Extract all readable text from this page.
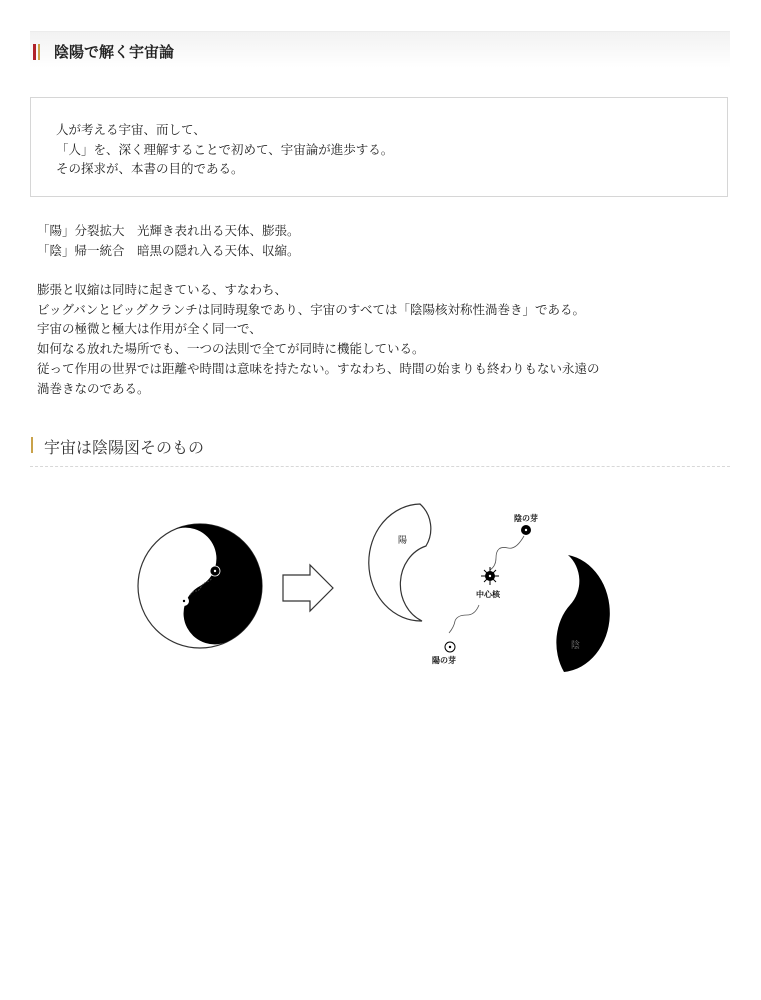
陰陽で解く宇宙論
人が考える宇宙、而して、
「人」を、深く理解することで初めて、宇宙論が進歩する。
その探求が、本書の目的である。
「陽」分裂拡大　光輝き表れ出る天体、膨張。
「陰」帰一統合　暗黒の隠れ入る天体、収縮。
膨張と収縮は同時に起きている、すなわち、
ビッグバンとビッグクランチは同時現象であり、宇宙のすべては「陰陽核対称性渦巻き」である。
宇宙の極微と極大は作用が全く同一で、
如何なる放れた場所でも、一つの法則で全てが同時に機能している。
従って作用の世界では距離や時間は意味を持たない。すなわち、時間の始まりも終わりもない永遠の
渦巻きなのである。
宇宙は陰陽図そのもの
陽
陰
陰の芽
中心核
陽の芽
